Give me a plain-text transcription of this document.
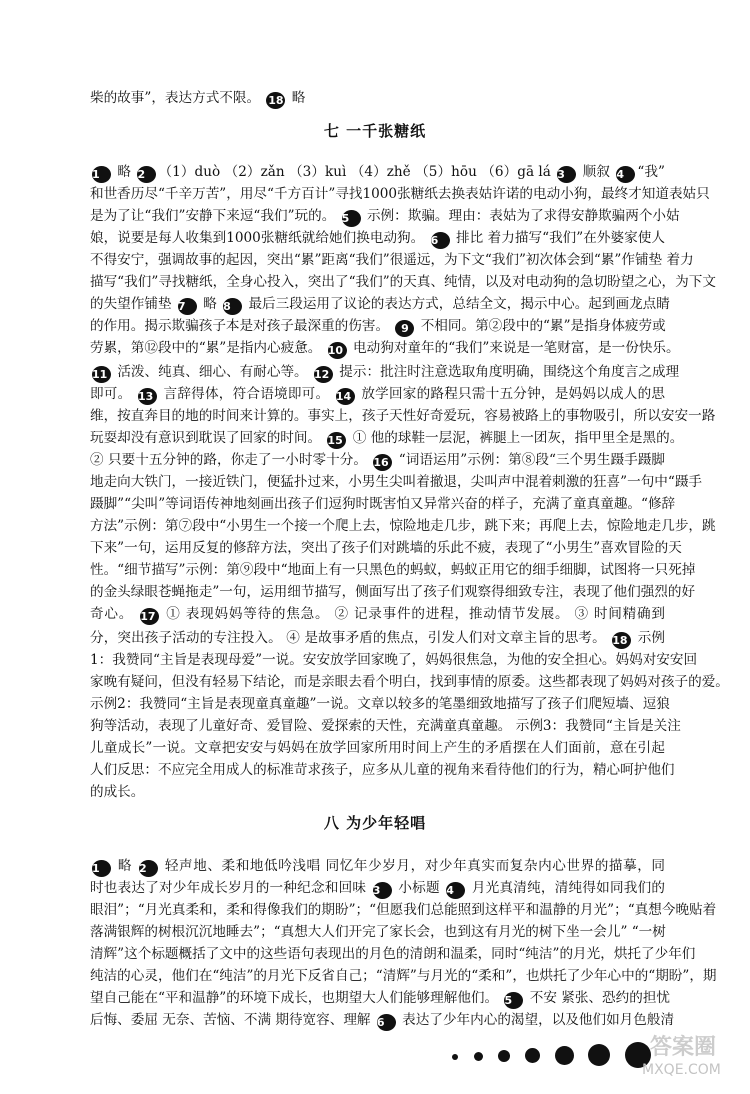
七 一千张糖纸
八 为少年轻唱
柴的故事”，表达方式不限。 18 略
1 略 2 （1）duò （2）zǎn （3）kuì （4）zhě （5）hōu （6）gā lá 3 顺叙 4 “我”
和世香历尽“千辛万苦”，用尽“千方百计”寻找1000张糖纸去换表姑许诺的电动小狗，最终才知道表姑只
是为了让“我们”安静下来逗“我们”玩的。 5 示例：欺骗。理由：表姑为了求得安静欺骗两个小姑
娘，说要是每人收集到1000张糖纸就给她们换电动狗。 6 排比 着力描写“我们”在外婆家使人
不得安宁，强调故事的起因，突出“累”距离“我们”很遥远，为下文“我们”初次体会到“累”作铺垫 着力
描写“我们”寻找糖纸，全身心投入，突出了“我们”的天真、纯情，以及对电动狗的急切盼望之心，为下文
的失望作铺垫 7 略 8 最后三段运用了议论的表达方式，总结全文，揭示中心。起到画龙点睛
的作用。揭示欺骗孩子本是对孩子最深重的伤害。 9 不相同。第②段中的“累”是指身体疲劳或
劳累，第⑫段中的“累”是指内心疲惫。 10 电动狗对童年的“我们”来说是一笔财富，是一份快乐。
11 活泼、纯真、细心、有耐心等。 12 提示：批注时注意选取角度明确，围绕这个角度言之成理
即可。 13 言辞得体，符合语境即可。 14 放学回家的路程只需十五分钟，是妈妈以成人的思
维，按直奔目的地的时间来计算的。事实上，孩子天性好奇爱玩，容易被路上的事物吸引，所以安安一路
玩耍却没有意识到耽误了回家的时间。 15 ① 他的球鞋一层泥，裤腿上一团灰，指甲里全是黑的。
② 只要十五分钟的路，你走了一小时零十分。 16 “词语运用”示例：第⑧段“三个男生蹑手蹑脚
地走向大铁门，一接近铁门，便猛扑过来，小男生尖叫着撤退，尖叫声中混着刺激的狂喜”一句中“蹑手
蹑脚”“尖叫”等词语传神地刻画出孩子们逗狗时既害怕又异常兴奋的样子，充满了童真童趣。“修辞
方法”示例：第⑦段中“小男生一个接一个爬上去，惊险地走几步，跳下来；再爬上去，惊险地走几步，跳
下来”一句，运用反复的修辞方法，突出了孩子们对跳墙的乐此不疲，表现了“小男生”喜欢冒险的天
性。“细节描写”示例：第⑨段中“地面上有一只黑色的蚂蚁，蚂蚁正用它的细手细脚，试图将一只死掉
的金头绿眼苍蝇拖走”一句，运用细节描写，侧面写出了孩子们观察得细致专注，表现了他们强烈的好
奇心。 17 ① 表现妈妈等待的焦急。 ② 记录事件的进程，推动情节发展。 ③ 时间精确到
分，突出孩子活动的专注投入。 ④ 是故事矛盾的焦点，引发人们对文章主旨的思考。 18 示例
1：我赞同“主旨是表现母爱”一说。安安放学回家晚了，妈妈很焦急，为他的安全担心。妈妈对安安回
家晚有疑问，但没有轻易下结论，而是亲眼去看个明白，找到事情的原委。这些都表现了妈妈对孩子的爱。
示例2：我赞同“主旨是表现童真童趣”一说。文章以较多的笔墨细致地描写了孩子们爬短墙、逗狼
狗等活动，表现了儿童好奇、爱冒险、爱探索的天性，充满童真童趣。 示例3：我赞同“主旨是关注
儿童成长”一说。文章把安安与妈妈在放学回家所用时间上产生的矛盾摆在人们面前，意在引起
人们反思：不应完全用成人的标准苛求孩子，应多从儿童的视角来看待他们的行为，精心呵护他们
的成长。
1 略 2 轻声地、柔和地低吟浅唱 同忆年少岁月，对少年真实而复杂内心世界的描摹，同
时也表达了对少年成长岁月的一种纪念和回味 3 小标题 4 月光真清纯，清纯得如同我们的
眼泪”；“月光真柔和，柔和得像我们的期盼”；“但愿我们总能照到这样平和温静的月光”；“真想今晚贴着
落满银辉的树根沉沉地睡去”；“真想大人们开完了家长会，也到这有月光的树下坐一会儿” “一树
清辉”这个标题概括了文中的这些语句表现出的月色的清朗和温柔，同时“纯洁”的月光，烘托了少年们
纯洁的心灵，他们在“纯洁”的月光下反省自己；“清辉”与月光的“柔和”，也烘托了少年心中的“期盼”，期
望自己能在“平和温静”的环境下成长，也期望大人们能够理解他们。 5 不安 紧张、恐约的担忧
后悔、委屈 无奈、苦恼、不满 期待宽容、理解 6 表达了少年内心的渴望，以及他们如月色般清
答案圈
MXQE.COM
